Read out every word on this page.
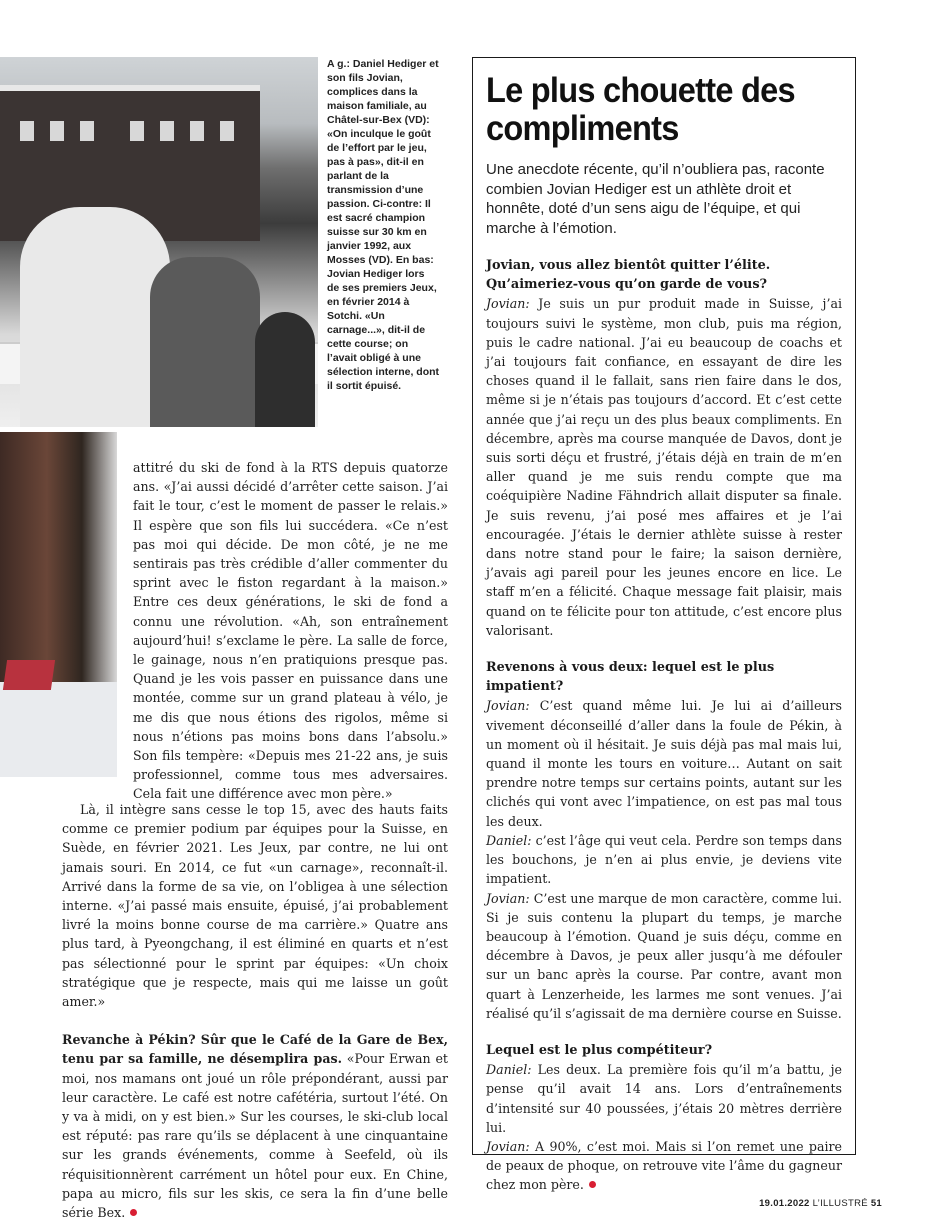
A g.: Daniel Hediger et son fils Jovian, complices dans la maison familiale, au Châtel-sur-Bex (VD): «On inculque le goût de l’effort par le jeu, pas à pas», dit-il en parlant de la transmission d’une passion. Ci-contre: Il est sacré champion suisse sur 30 km en janvier 1992, aux Mosses (VD). En bas: Jovian Hediger lors de ses premiers Jeux, en février 2014 à Sotchi. «Un carnage...», dit-il de cette course; on l’avait obligé à une sélection interne, dont il sortit épuisé.

attitré du ski de fond à la RTS depuis quatorze ans. «J’ai aussi décidé d’arrêter cette saison. J’ai fait le tour, c’est le moment de passer le relais.» Il espère que son fils lui succédera. «Ce n’est pas moi qui décide. De mon côté, je ne me sentirais pas très crédible d’aller commenter du sprint avec le fiston regardant à la maison.» Entre ces deux générations, le ski de fond a connu une révolution. «Ah, son entraînement aujourd’hui! s’exclame le père. La salle de force, le gainage, nous n’en pratiquions presque pas. Quand je les vois passer en puissance dans une montée, comme sur un grand plateau à vélo, je me dis que nous étions des rigolos, même si nous n’étions pas moins bons dans l’absolu.» Son fils tempère: «Depuis mes 21-22 ans, je suis professionnel, comme tous mes adversaires. Cela fait une différence avec mon père.»

Là, il intègre sans cesse le top 15, avec des hauts faits comme ce premier podium par équipes pour la Suisse, en Suède, en février 2021. Les Jeux, par contre, ne lui ont jamais souri. En 2014, ce fut «un carnage», reconnaît-il. Arrivé dans la forme de sa vie, on l’obligea à une sélection interne. «J’ai passé mais ensuite, épuisé, j’ai probablement livré la moins bonne course de ma carrière.» Quatre ans plus tard, à Pyeongchang, il est éliminé en quarts et n’est pas sélectionné pour le sprint par équipes: «Un choix stratégique que je respecte, mais qui me laisse un goût amer.»

Revanche à Pékin? Sûr que le Café de la Gare de Bex, tenu par sa famille, ne désemplira pas. «Pour Erwan et moi, nos mamans ont joué un rôle prépondérant, aussi par leur caractère. Le café est notre cafétéria, surtout l’été. On y va à midi, on y est bien.» Sur les courses, le ski-club local est réputé: pas rare qu’ils se déplacent à une cinquantaine sur les grands événements, comme à Seefeld, où ils réquisitionnèrent carrément un hôtel pour eux. En Chine, papa au micro, fils sur les skis, ce sera la fin d’une belle série Bex.

Le plus chouette des compliments

Une anecdote récente, qu’il n’oubliera pas, raconte combien Jovian Hediger est un athlète droit et honnête, doté d’un sens aigu de l’équipe, et qui marche à l’émotion.

Jovian, vous allez bientôt quitter l’élite. Qu’aimeriez-vous qu’on garde de vous?

Jovian: Je suis un pur produit made in Suisse, j’ai toujours suivi le système, mon club, puis ma région, puis le cadre national. J’ai eu beaucoup de coachs et j’ai toujours fait confiance, en essayant de dire les choses quand il le fallait, sans rien faire dans le dos, même si je n’étais pas toujours d’accord. Et c’est cette année que j’ai reçu un des plus beaux compliments. En décembre, après ma course manquée de Davos, dont je suis sorti déçu et frustré, j’étais déjà en train de m’en aller quand je me suis rendu compte que ma coéquipière Nadine Fähndrich allait disputer sa finale. Je suis revenu, j’ai posé mes affaires et je l’ai encouragée. J’étais le dernier athlète suisse à rester dans notre stand pour le faire; la saison dernière, j’avais agi pareil pour les jeunes encore en lice. Le staff m’en a félicité. Chaque message fait plaisir, mais quand on te félicite pour ton attitude, c’est encore plus valorisant.

Revenons à vous deux: lequel est le plus impatient?

Jovian: C’est quand même lui. Je lui ai d’ailleurs vivement déconseillé d’aller dans la foule de Pékin, à un moment où il hésitait. Je suis déjà pas mal mais lui, quand il monte les tours en voiture… Autant on sait prendre notre temps sur certains points, autant sur les clichés qui vont avec l’impatience, on est pas mal tous les deux.

Daniel: c’est l’âge qui veut cela. Perdre son temps dans les bouchons, je n’en ai plus envie, je deviens vite impatient.

Jovian: C’est une marque de mon caractère, comme lui. Si je suis contenu la plupart du temps, je marche beaucoup à l’émotion. Quand je suis déçu, comme en décembre à Davos, je peux aller jusqu’à me défouler sur un banc après la course. Par contre, avant mon quart à Lenzerheide, les larmes me sont venues. J’ai réalisé qu’il s’agissait de ma dernière course en Suisse.

Lequel est le plus compétiteur?

Daniel: Les deux. La première fois qu’il m’a battu, je pense qu’il avait 14 ans. Lors d’entraînements d’intensité sur 40 poussées, j’étais 20 mètres derrière lui.

Jovian: A 90%, c’est moi. Mais si l’on remet une paire de peaux de phoque, on retrouve vite l’âme du gagneur chez mon père.

19.01.2022 L’ILLUSTRÉ 51
